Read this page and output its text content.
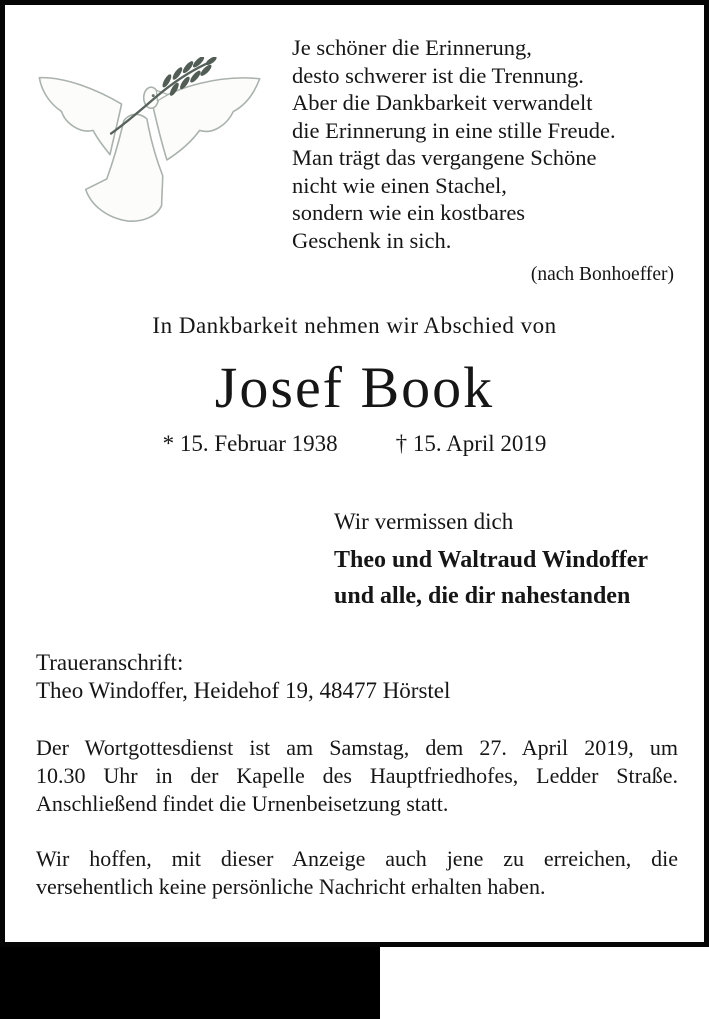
Je schöner die Erinnerung,
desto schwerer ist die Trennung.
Aber die Dankbarkeit verwandelt
die Erinnerung in eine stille Freude.
Man trägt das vergangene Schöne
nicht wie einen Stachel,
sondern wie ein kostbares
Geschenk in sich.
(nach Bonhoeffer)
In Dankbarkeit nehmen wir Abschied von
Josef Book
* 15. Februar 1938	† 15. April 2019
Wir vermissen dich
Theo und Waltraud Windoffer
und alle, die dir nahestanden
Traueranschrift:
Theo Windoffer, Heidehof 19, 48477 Hörstel
Der Wortgottesdienst ist am Samstag, dem 27. April 2019, um
10.30 Uhr in der Kapelle des Hauptfriedhofes, Ledder Straße.
Anschließend findet die Urnenbeisetzung statt.
Wir hoffen, mit dieser Anzeige auch jene zu erreichen, die
versehentlich keine persönliche Nachricht erhalten haben.
